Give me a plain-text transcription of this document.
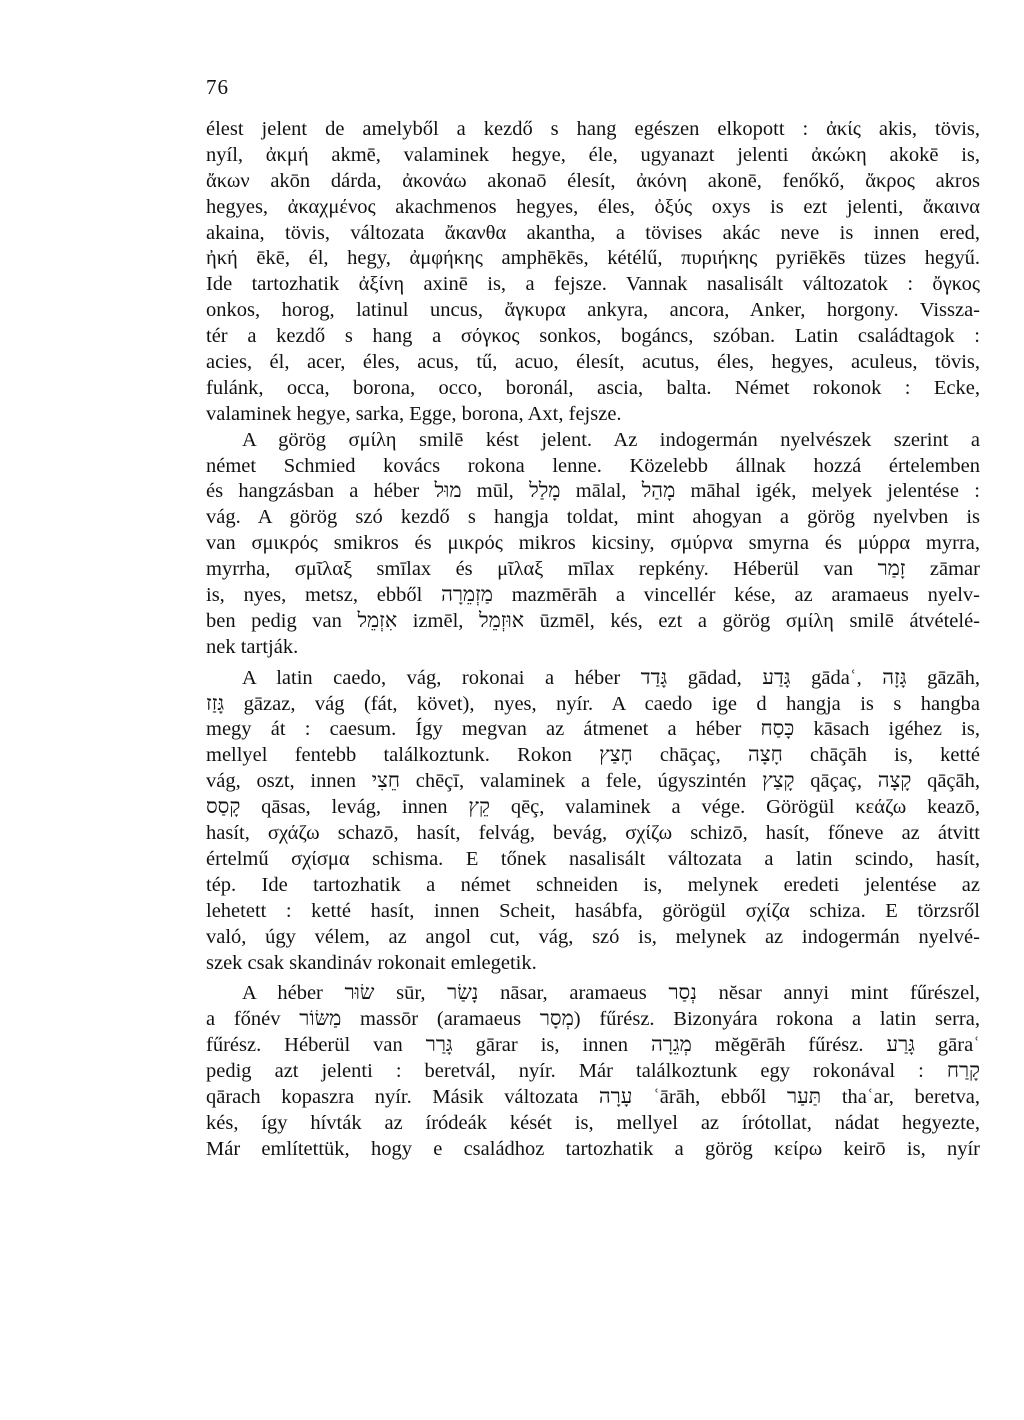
76
élest jelent de amelyből a kezdő s hang egészen elkopott : ἀκίς akis, tövis,
nyíl, ἀκμή akmē, valaminek hegye, éle, ugyanazt jelenti ἀκώκη akokē is,
ἄκων akōn dárda, ἀκονάω akonaō élesít, ἀκόνη akonē, fenőkő, ἄκρος akros
hegyes, ἀκαχμένος akachmenos hegyes, éles, ὀξύς oxys is ezt jelenti, ἄκαινα
akaina, tövis, változata ἄκανθα akantha, a tövises akác neve is innen ered,
ἠκή ēkē, él, hegy, ἀμφήκης amphēkēs, kétélű, πυριήκης pyriēkēs tüzes hegyű.
Ide tartozhatik ἀξίνη axinē is, a fejsze. Vannak nasalisált változatok : ὄγκος
onkos, horog, latinul uncus, ἄγκυρα ankyra, ancora, Anker, horgony. Vissza-
tér a kezdő s hang a σόγκος sonkos, bogáncs, szóban. Latin családtagok :
acies, él, acer, éles, acus, tű, acuo, élesít, acutus, éles, hegyes, aculeus, tövis,
fulánk, occa, borona, occo, boronál, ascia, balta. Német rokonok : Ecke,
valaminek hegye, sarka, Egge, borona, Axt, fejsze.
A görög σμίλη smilē kést jelent. Az indogermán nyelvészek szerint a
német Schmied kovács rokona lenne. Közelebb állnak hozzá értelemben
és hangzásban a héber מוּל mūl, מָלַל mālal, מָהַל māhal igék, melyek jelentése :
vág. A görög szó kezdő s hangja toldat, mint ahogyan a görög nyelvben is
van σμικρός smikros és μικρός mikros kicsiny, σμύρνα smyrna és μύρρα myrra,
myrrha, σμῖλαξ smīlax és μῖλαξ mīlax repkény. Héberül van זָמַר zāmar
is, nyes, metsz, ebből מַזְמֵרָה mazmērāh a vincellér kése, az aramaeus nyelv-
ben pedig van אִזְמֵל izmēl, אוּזְמֵל ūzmēl, kés, ezt a görög σμίλη smilē átvételé-
nek tartják.
A latin caedo, vág, rokonai a héber גָּדַד gādad, גָּדַע gādaʿ, גָּזָה gāzāh,
גָּזַז gāzaz, vág (fát, követ), nyes, nyír. A caedo ige d hangja is s hangba
megy át : caesum. Így megvan az átmenet a héber כָּסַח kāsach igéhez is,
mellyel fentebb találkoztunk. Rokon חָצַץ chāçaç, חָצָה chāçāh is, ketté
vág, oszt, innen חֵצִי chēçī, valaminek a fele, úgyszintén קָצַץ qāçaç, קָצָה qāçāh,
קָסַס qāsas, levág, innen קֵץ qēç, valaminek a vége. Görögül κεάζω keazō,
hasít, σχάζω schazō, hasít, felvág, bevág, σχίζω schizō, hasít, főneve az átvitt
értelmű σχίσμα schisma. E tőnek nasalisált változata a latin scindo, hasít,
tép. Ide tartozhatik a német schneiden is, melynek eredeti jelentése az
lehetett : ketté hasít, innen Scheit, hasábfa, görögül σχίζα schiza. E törzsről
való, úgy vélem, az angol cut, vág, szó is, melynek az indogermán nyelvé-
szek csak skandináv rokonait emlegetik.
A héber שׂוּר sūr, נָשַׂר nāsar, aramaeus נְסַר nĕsar annyi mint fűrészel,
a főnév מַשּׂוֹר massōr (aramaeus מְסָר) fűrész. Bizonyára rokona a latin serra,
fűrész. Héberül van גָּרַר gārar is, innen מְגֵרָה mĕgērāh fűrész. גָּרַע gāraʿ
pedig azt jelenti : beretvál, nyír. Már találkoztunk egy rokonával : קָרַח
qārach kopaszra nyír. Másik változata עָרָה ʿārāh, ebből תַּעַר thaʿar, beretva,
kés, így hívták az íródeák kését is, mellyel az írótollat, nádat hegyezte,
Már említettük, hogy e családhoz tartozhatik a görög κείρω keirō is, nyír
